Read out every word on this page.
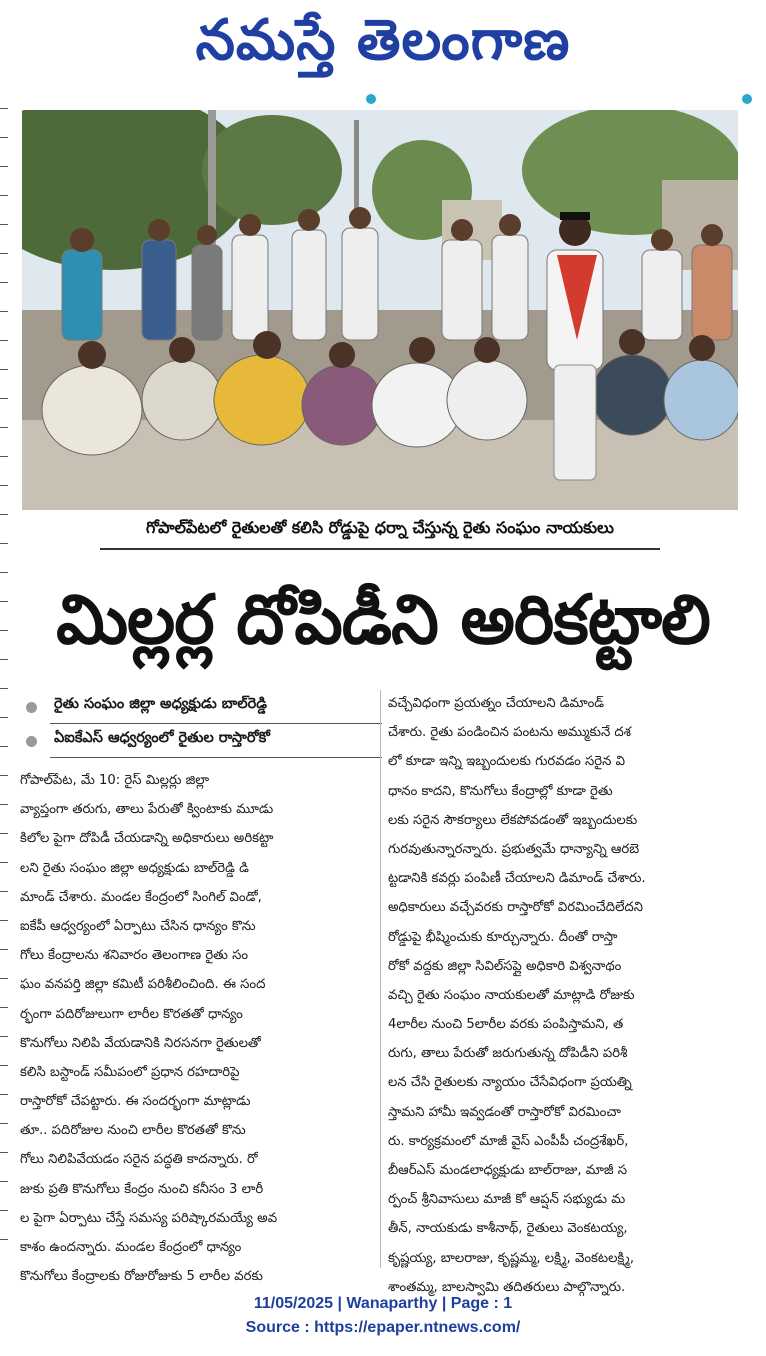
నమస్తే తెలంగాణ
గోపాల్‌పేటలో రైతులతో కలిసి రోడ్డుపై ధర్నా చేస్తున్న రైతు సంఘం నాయకులు
మిల్లర్ల దోపిడీని అరికట్టాలి
రైతు సంఘం జిల్లా అధ్యక్షుడు బాల్‌రెడ్డి
ఏఐకేఎస్ ఆధ్వర్యంలో రైతుల రాస్తారోకో
గోపాల్‌పేట, మే 10: రైస్ మిల్లర్లు జిల్లా
వ్యాప్తంగా తరుగు, తాలు పేరుతో క్వింటాకు మూడు
కిలోల పైగా దోపిడీ చేయడాన్ని అధికారులు అరికట్టా
లని రైతు సంఘం జిల్లా అధ్యక్షుడు బాల్‌రెడ్డి డి
మాండ్ చేశారు. మండల కేంద్రంలో సింగిల్ విండో,
ఐకేపీ ఆధ్వర్యంలో ఏర్పాటు చేసిన ధాన్యం కొను
గోలు కేంద్రాలను శనివారం తెలంగాణ రైతు సం
ఘం వనపర్తి జిల్లా కమిటీ పరిశీలించింది. ఈ సంద
ర్భంగా పదిరోజులుగా లారీల కొరతతో ధాన్యం
కొనుగోలు నిలిపి వేయడానికి నిరసనగా రైతులతో
కలిసి బస్టాండ్ సమీపంలో ప్రధాన రహదారిపై
రాస్తారోకో చేపట్టారు. ఈ సందర్భంగా మాట్లాడు
తూ.. పదిరోజుల నుంచి లారీల కొరతతో కొను
గోలు నిలిపివేయడం సరైన పద్ధతి కాదన్నారు. రో
జుకు ప్రతి కొనుగోలు కేంద్రం నుంచి కనీసం 3 లారీ
ల పైగా ఏర్పాటు చేస్తే సమస్య పరిష్కారమయ్యే అవ
కాశం ఉందన్నారు. మండల కేంద్రంలో ధాన్యం
కొనుగోలు కేంద్రాలకు రోజురోజుకు 5 లారీల వరకు
వచ్చేవిధంగా ప్రయత్నం చేయాలని డిమాండ్
చేశారు. రైతు పండించిన పంటను అమ్ముకునే దశ
లో కూడా ఇన్ని ఇబ్బందులకు గురవడం సరైన వి
ధానం కాదని, కొనుగోలు కేంద్రాల్లో కూడా రైతు
లకు సరైన సౌకర్యాలు లేకపోవడంతో ఇబ్బందులకు
గురవుతున్నారన్నారు. ప్రభుత్వమే ధాన్యాన్ని ఆరబె
ట్టడానికి కవర్లు పంపిణీ చేయాలని డిమాండ్ చేశారు.
అధికారులు వచ్చేవరకు రాస్తారోకో విరమించేదిలేదని
రోడ్డుపై భీష్మించుకు కూర్చున్నారు. దీంతో రాస్తా
రోకో వద్దకు జిల్లా సివిల్‌సప్లై అధికారి విశ్వనాథం
వచ్చి రైతు సంఘం నాయకులతో మాట్లాడి రోజుకు
4లారీల నుంచి 5లారీల వరకు పంపిస్తామని, త
రుగు, తాలు పేరుతో జరుగుతున్న దోపిడీని పరిశీ
లన చేసి రైతులకు న్యాయం చేసేవిధంగా ప్రయత్ని
స్తామని హామీ ఇవ్వడంతో రాస్తారోకో విరమించా
రు. కార్యక్రమంలో మాజీ వైస్ ఎంపీపీ చంద్రశేఖర్,
బీఆర్‌ఎస్ మండలాధ్యక్షుడు బాల్‌రాజు, మాజీ స
ర్పంచ్ శ్రీనివాసులు మాజీ కో ఆప్షన్ సభ్యుడు మ
తీన్, నాయకుడు కాశీనాథ్, రైతులు వెంకటయ్య,
కృష్ణయ్య, బాలరాజు, కృష్ణమ్మ, లక్ష్మి, వెంకటలక్ష్మి,
శాంతమ్మ, బాలస్వామి తదితరులు పాల్గొన్నారు.
11/05/2025 | Wanaparthy | Page : 1
Source : https://epaper.ntnews.com/
